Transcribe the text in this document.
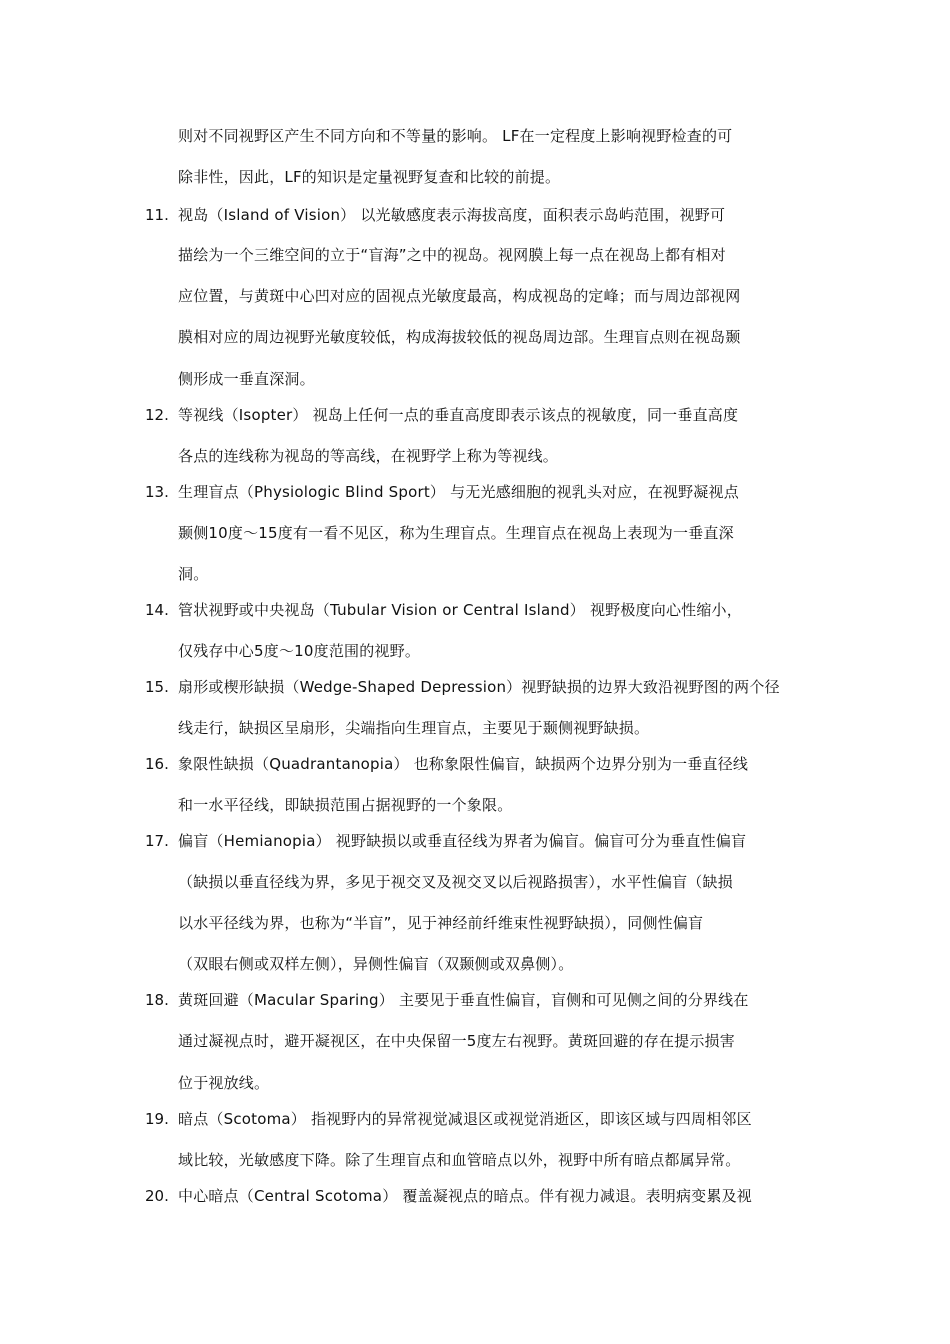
则对不同视野区产生不同方向和不等量的影响。 LF在一定程度上影响视野检查的可
除非性，因此，LF的知识是定量视野复查和比较的前提。
11. 视岛（Island of Vision） 以光敏感度表示海拔高度，面积表示岛屿范围，视野可
描绘为一个三维空间的立于“盲海”之中的视岛。视网膜上每一点在视岛上都有相对
应位置，与黄斑中心凹对应的固视点光敏度最高，构成视岛的定峰；而与周边部视网
膜相对应的周边视野光敏度较低，构成海拔较低的视岛周边部。生理盲点则在视岛颞
侧形成一垂直深洞。
12. 等视线（Isopter） 视岛上任何一点的垂直高度即表示该点的视敏度，同一垂直高度
各点的连线称为视岛的等高线，在视野学上称为等视线。
13. 生理盲点（Physiologic Blind Sport） 与无光感细胞的视乳头对应，在视野凝视点
颞侧10度～15度有一看不见区，称为生理盲点。生理盲点在视岛上表现为一垂直深
洞。
14. 管状视野或中央视岛（Tubular Vision or Central Island） 视野极度向心性缩小，
仅残存中心5度～10度范围的视野。
15. 扇形或楔形缺损（Wedge-Shaped Depression）视野缺损的边界大致沿视野图的两个径
线走行，缺损区呈扇形，尖端指向生理盲点，主要见于颞侧视野缺损。
16. 象限性缺损（Quadrantanopia） 也称象限性偏盲，缺损两个边界分别为一垂直径线
和一水平径线，即缺损范围占据视野的一个象限。
17. 偏盲（Hemianopia） 视野缺损以或垂直径线为界者为偏盲。偏盲可分为垂直性偏盲
（缺损以垂直径线为界，多见于视交叉及视交叉以后视路损害），水平性偏盲（缺损
以水平径线为界，也称为“半盲”，见于神经前纤维束性视野缺损），同侧性偏盲
（双眼右侧或双样左侧），异侧性偏盲（双颞侧或双鼻侧）。
18. 黄斑回避（Macular Sparing） 主要见于垂直性偏盲，盲侧和可见侧之间的分界线在
通过凝视点时，避开凝视区，在中央保留一5度左右视野。黄斑回避的存在提示损害
位于视放线。
19. 暗点（Scotoma） 指视野内的异常视觉减退区或视觉消逝区，即该区域与四周相邻区
域比较，光敏感度下降。除了生理盲点和血管暗点以外，视野中所有暗点都属异常。
20. 中心暗点（Central Scotoma） 覆盖凝视点的暗点。伴有视力减退。表明病变累及视
